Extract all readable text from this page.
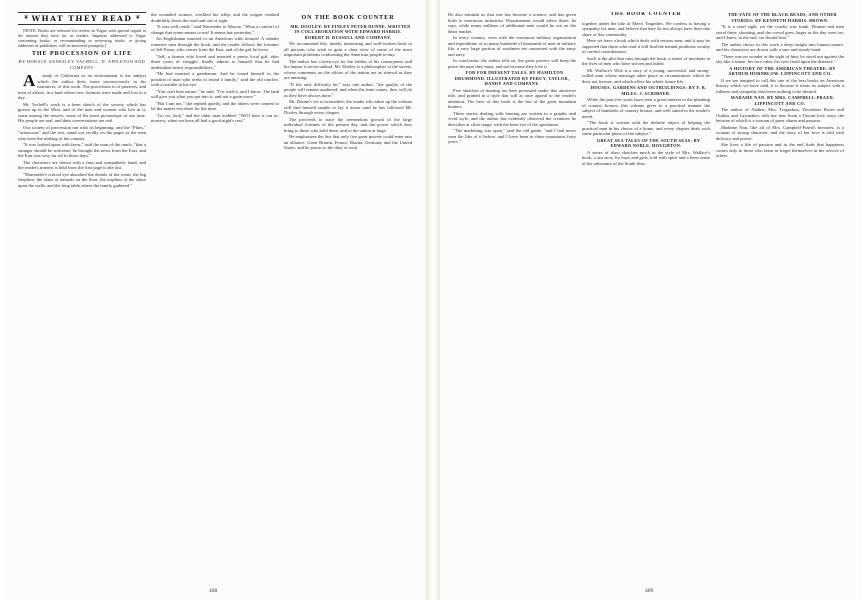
❦ WHAT THEY READ ❦

[NOTE. Books are selected for review in Vogue with special regard to the interest they have for its readers. Inquiries addressed to Vogue concerning books, or recommending or reviewing books, or giving addresses of publishers, will be answered promptly.]

THE PROCESSION OF LIFE
BY HORACE ANNESLEY VACHELL, D. APPLETON AND COMPANY

A	study of California as an environment is the subject which the author does, more unconsciously in his narratives, of this work. The procession is of pioneers, and men of affairs, in a land where new fortunes were made and lost in a day.

Mr. Vachell's work is a keen sketch of the society which has grown up in the West, and of the men and women who live in it, some among the newest, some of the most picturesque of our time. His people are real, and their conversations are real.

Our society of procession ran with its beginning, and the "Pikes," "aristocrats" and the rest, stand out vividly on the pages as the men who were the making of the country.

"It was looked upon with favor," said the man of the ranch, "that a stranger should be welcome; he brought the news from the East, and the East was very far off in those days."

The characters are drawn with a firm and sympathetic hand, and the reader's interest is held from the first page to the last.

"Warrender's critical eye absorbed the details of the room, the big fireplace, the skins of animals on the floor, the trophies of the chase upon the walls, and the long table where the family gathered."

the wounded women, crackled his whip, and the wagon creaked doubtfully down the road and out of sight.

"It was well crude," said Warrender to Marcia. "What a comfort of change that scene means to me! It seems but yesterday."

An Englishman married to an American with fortune! A slender romance runs through the book, and the reader follows the fortunes of Jeff Paton, who comes from the East, and of the girl he loves.

"Jeff, a farmer who loved and married a pretty local girl, after three years of struggle, finally admits to himself that he had undertaken heavy responsibilities."

"He had married a gentleman. And he found himself in the position of man who seeks to found a family," said the old rancher, with a twinkle in his eye.

"You can't beat nature," he said. "I've tried it, and I know. The land will give you what you put into it, and not a grain more."

"But I am not," she replied quietly, and the others were content to let the matter rest there for the time.

"Go on, Jack," and the older man nodded. "We'll have it out to-morrow, when we have all had a good night's rest."

ON THE BOOK COUNTER

MR. DOOLEY: BY FINLEY PETER DUNNE. WRITTEN IN COLLABORATION WITH EDWARD HARRIS. ROBERT H. RUSSELL AND COMPANY.

We recommend this, timely, interesting and well-written book to all persons who wish to gain a clear view of some of the most important problems confronting the American people to-day.

The author has a keen eye for the foibles of his countrymen, and his humor is never unkind. Mr. Dooley is a philosopher of the streets, whose comments on the affairs of the nation are as shrewd as they are amusing.

"If the only difficulty be," says one author, "the quality of the people will remain unaltered; and when the time comes, they will do as they have always done."

Mr. Dunne's wit is irresistible; the reader who takes up the volume will find himself unable to lay it down until he has followed Mr. Dooley through every chapter.

The proceeds to trace the tremendous growth of the large individual fortunes of the present day, and the power which they bring to those who hold them, and to the nation at large.

He emphasizes the fact that only five great powers could enter into an alliance: Great Britain, France, Russia, Germany and the United States, and he points to the duty of each.

408

He also reminds us that war has become a science, and has given birth to enormous industries. Disarmament would affect these, he says, while many millions of additional men would be out on the labor market.

In every country, even with the enormous military organization and expenditure of so many hundreds of thousands of men in military life, a very large portion of workmen are connected with the army and navy.

In conclusion, the author tells us, the great powers will keep the peace because they must, and not because they love it.

FOR FOR PRESENT TALES. BY HAMILTON DRUMMOND. ILLUSTRATED BY PERCY, TAYLOR, HANDY AND COMPANY.

Five sketches of hunting are here presented under this attractive title, and printed in a style that will at once appeal to the reader's attention. The hero of this book is the last of the great mountain hunters.

These stories dealing with hunting are written in a graphic and vivid style, and the author has evidently observed the creatures he describes at close range, with the keen eye of the sportsman.

"The marketing was open," said the old guide, "and I had never seen the like of it before, and I have been in these mountains forty years."

THE BOOK COUNTER

together under the title of Men's Tragedies. We confess to having a sympathy for men, and believe that they do not always have their due share of this commodity.

Here we have a book which deals with serious men, and it may be supposed that those who read it will find the mental problems worthy of careful consideration.

Such is the plot that runs through the book, a series of incidents in the lives of men who have striven and failed.

Mr. Wallace's Wife is a story of a young, successful, and strong-willed man whose marriage takes place in circumstances which he does not foresee, and which affect his whole future life.

HOUSES, GARDENS AND OUTBUILDINGS: BY F. B. MILES. J. SCRIBNER.

While the past few years have seen a great interest in the planning of country houses, this volume gives in a practical manner the subject of hundreds of country houses, and well suited to the reader's needs.

"The book is written with the definite object of helping the practical man in his choice of a home, and every chapter deals with some particular phase of the subject."

GREAT SEA TALES OF THE SOUTH SEAS: BY EDWARD NOBLE. HOUGHTON.

A series of short sketches much in the style of Mrs. Wallace's book, a sea story for boys and girls, told with spirit and a keen sense of the adventure of the South Seas.

THE FATE OF THE BLACK BEADS, AND OTHER STORIES: BY KENNETH HARRIS. BROWN.

"It is a cruel sight, yet the cruelty was frank. Women and men stood there, shouting, and the crowd grew larger as the day went on; and I knew, in the end, we should lose."

The author shows in this work a deep insight into human nature, and his characters are drawn with a sure and steady hand.

"There was no wonder at the sight of him; he stood out against the sky like a statue, his face calm, his eyes fixed upon the distance."

A HISTORY OF THE AMERICAN THEATRE: BY ARTHUR HORNBLOW. LIPPINCOTT AND CO.

If we are tempted to call this one of the best books on American history which we have read, it is because it treats its subject with a fullness and sympathy that leave nothing to be desired.

MADAME NAN. BY MRS. CAMPBELL-PRAED. LIPPINCOTT AND CO.

The author of Nadine, Mrs. Tregaskiss, December Roses and Outlaw and Lawmaker, tells her new book a Tuscan love story, the heroine of which is a woman of great charm and passion.

Madame Nan, like all of Mrs. Campbell-Praed's heroines, is a woman of strong character, and the story of her love is told with delicacy and power.

She lives a life of passion and in the end finds that happiness comes only to those who learn to forget themselves in the service of others.

409
